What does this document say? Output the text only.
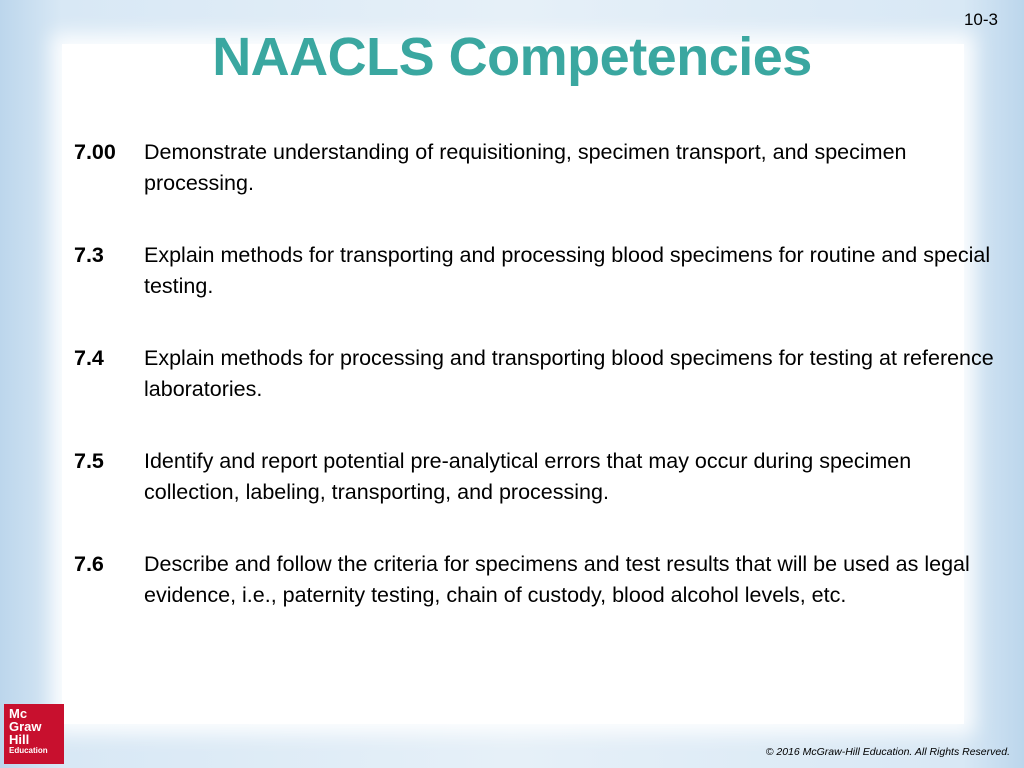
10-3
NAACLS Competencies
7.00	Demonstrate understanding of requisitioning, specimen transport, and specimen processing.
7.3	Explain methods for transporting and processing blood specimens for routine and special testing.
7.4	Explain methods for processing and transporting blood specimens for testing at reference laboratories.
7.5	Identify and report potential pre-analytical errors that may occur during specimen collection, labeling, transporting, and processing.
7.6	Describe and follow the criteria for specimens and test results that will be used as legal evidence, i.e., paternity testing, chain of custody, blood alcohol levels, etc.
Mc
Graw
Hill
Education	© 2016 McGraw-Hill Education. All Rights Reserved.
